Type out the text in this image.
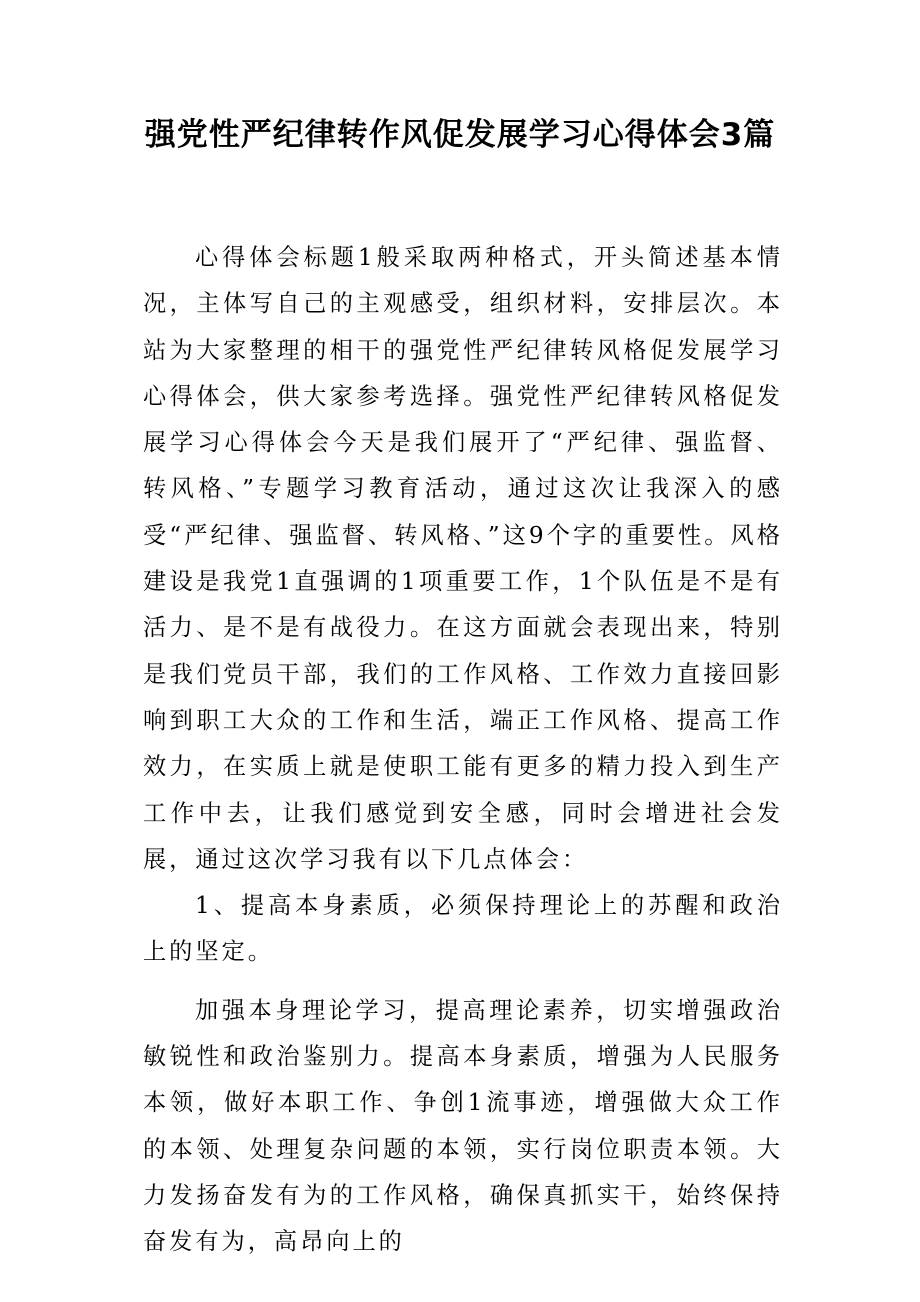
强党性严纪律转作风促发展学习心得体会3篇

心得体会标题1般采取两种格式，开头简述基本情况，主体写自己的主观感受，组织材料，安排层次。本站为大家整理的相干的强党性严纪律转风格促发展学习心得体会，供大家参考选择。强党性严纪律转风格促发展学习心得体会今天是我们展开了“严纪律、强监督、转风格、”专题学习教育活动，通过这次让我深入的感受“严纪律、强监督、转风格、”这9个字的重要性。风格建设是我党1直强调的1项重要工作，1个队伍是不是有活力、是不是有战役力。在这方面就会表现出来，特别是我们党员干部，我们的工作风格、工作效力直接回影响到职工大众的工作和生活，端正工作风格、提高工作效力，在实质上就是使职工能有更多的精力投入到生产工作中去，让我们感觉到安全感，同时会增进社会发展，通过这次学习我有以下几点体会：

1、提高本身素质，必须保持理论上的苏醒和政治上的坚定。

加强本身理论学习，提高理论素养，切实增强政治敏锐性和政治鉴别力。提高本身素质，增强为人民服务本领，做好本职工作、争创1流事迹，增强做大众工作的本领、处理复杂问题的本领，实行岗位职责本领。大力发扬奋发有为的工作风格，确保真抓实干，始终保持奋发有为，高昂向上的
